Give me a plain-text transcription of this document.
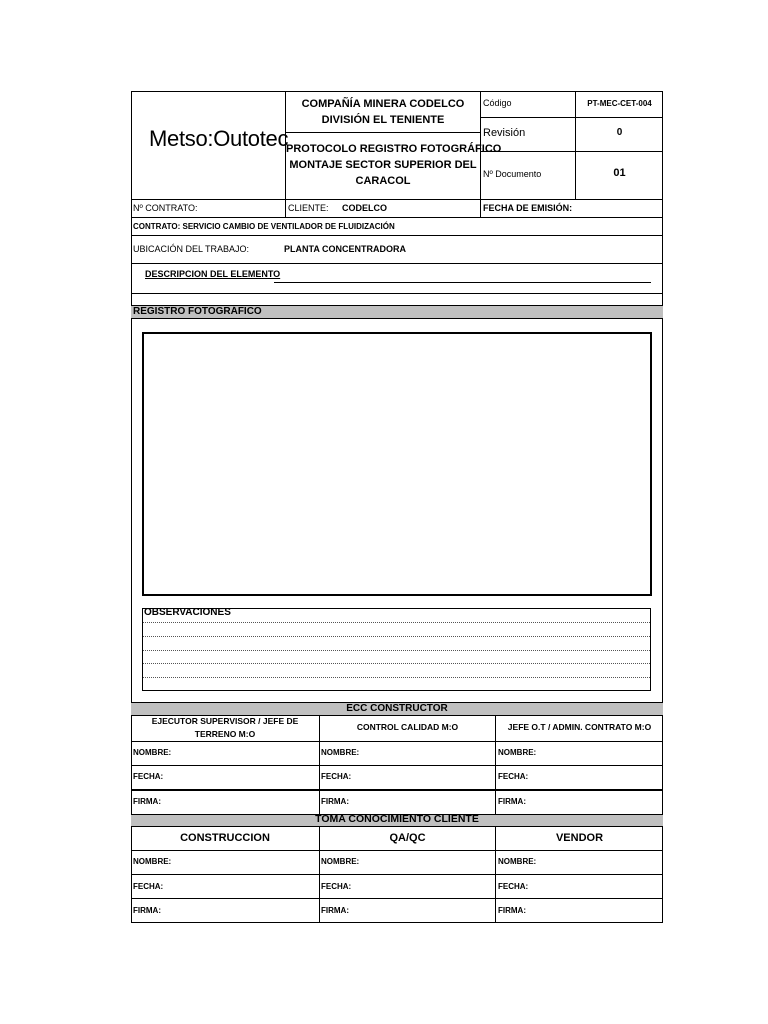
Metso:Outotec
COMPAÑÍA MINERA CODELCO
DIVISIÓN EL TENIENTE
PROTOCOLO REGISTRO FOTOGRÁFICO
MONTAJE SECTOR SUPERIOR DEL
CARACOL
Código	PT-MEC-CET-004
Revisión	0
Nº Documento	01
Nº CONTRATO:	CLIENTE: CODELCO	FECHA DE EMISIÓN:
CONTRATO: SERVICIO CAMBIO DE VENTILADOR DE FLUIDIZACIÓN
UBICACIÓN DEL TRABAJO:	PLANTA CONCENTRADORA
DESCRIPCION DEL ELEMENTO
REGISTRO FOTOGRÁFICO
OBSERVACIONES
ECC CONSTRUCTOR
EJECUTOR SUPERVISOR / JEFE DE
TERRENO M:O
CONTROL CALIDAD M:O	JEFE O.T / ADMIN. CONTRATO M:O
NOMBRE:	NOMBRE:	NOMBRE:
FECHA:	FECHA:	FECHA:
FIRMA:	FIRMA:	FIRMA:
TOMA CONOCIMIENTO CLIENTE
CONSTRUCCION	QA/QC	VENDOR
NOMBRE:	NOMBRE:	NOMBRE:
FECHA:	FECHA:	FECHA:
FIRMA:	FIRMA:	FIRMA:
